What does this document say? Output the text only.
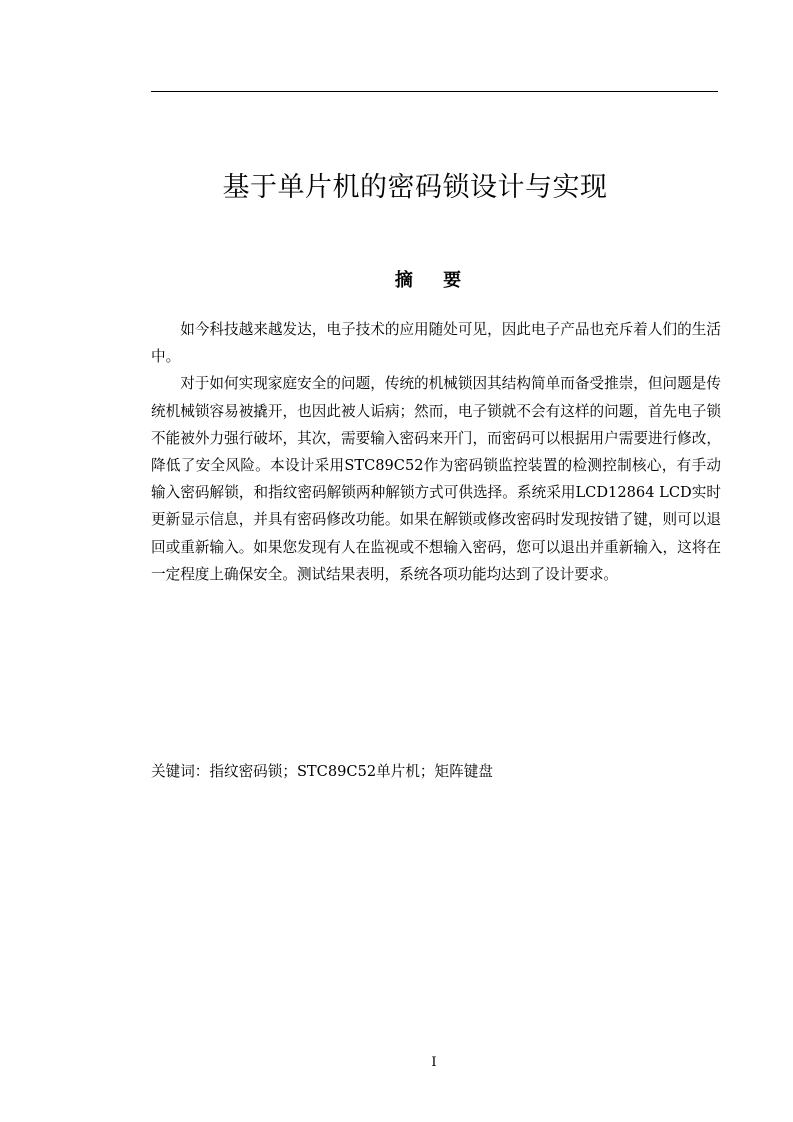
基于单片机的密码锁设计与实现
摘 要

如今科技越来越发达，电子技术的应用随处可见，因此电子产品也充斥着人们的生活中。

对于如何实现家庭安全的问题，传统的机械锁因其结构简单而备受推崇，但问题是传统机械锁容易被撬开，也因此被人诟病；然而，电子锁就不会有这样的问题，首先电子锁不能被外力强行破坏，其次，需要输入密码来开门，而密码可以根据用户需要进行修改，降低了安全风险。本设计采用STC89C52作为密码锁监控装置的检测控制核心，有手动输入密码解锁，和指纹密码解锁两种解锁方式可供选择。系统采用LCD12864 LCD实时更新显示信息，并具有密码修改功能。如果在解锁或修改密码时发现按错了键，则可以退回或重新输入。如果您发现有人在监视或不想输入密码，您可以退出并重新输入，这将在一定程度上确保安全。测试结果表明，系统各项功能均达到了设计要求。

关键词：指纹密码锁；STC89C52单片机；矩阵键盘
I
